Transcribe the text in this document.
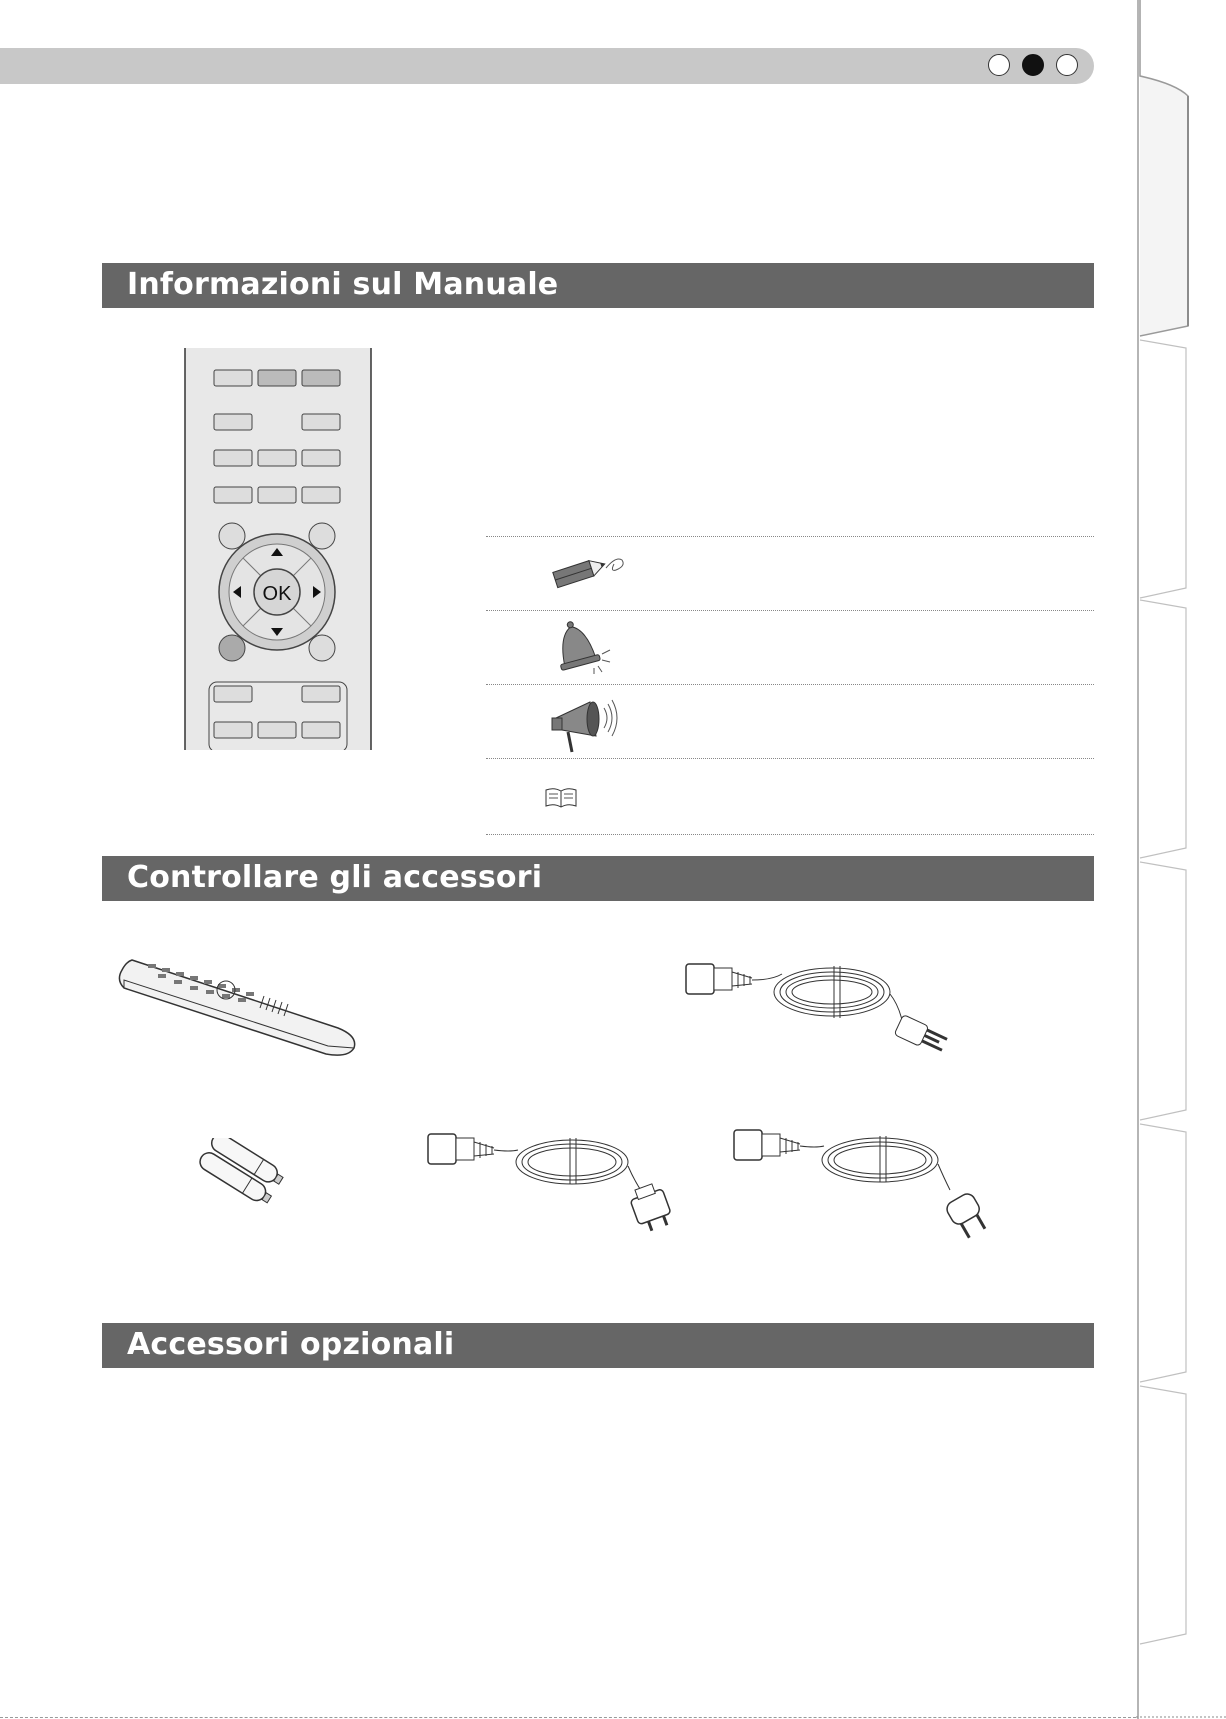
Informazioni sul Manuale
OK
Controllare gli accessori
Accessori opzionali
